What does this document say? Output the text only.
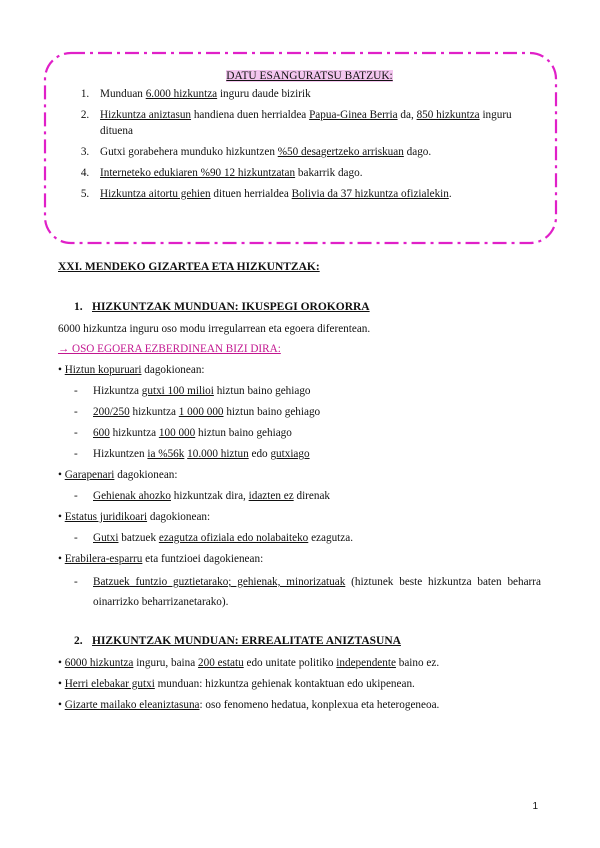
DATU ESANGURATSU BATZUK:
1. Munduan 6.000 hizkuntza inguru daude bizirik
2. Hizkuntza aniztasun handiena duen herrialdea Papua-Ginea Berria da, 850 hizkuntza inguru dituena
3. Gutxi gorabehera munduko hizkuntzen %50 desagertzeko arriskuan dago.
4. Interneteko edukiaren %90 12 hizkuntzatan bakarrik dago.
5. Hizkuntza aitortu gehien dituen herrialdea Bolivia da 37 hizkuntza ofizialekin.
XXI. MENDEKO GIZARTEA ETA HIZKUNTZAK:
1. HIZKUNTZAK MUNDUAN: IKUSPEGI OROKORRA
6000 hizkuntza inguru oso modu irregularrean eta egoera diferentean.
→ OSO EGOERA EZBERDINEAN BIZI DIRA:
• Hiztun kopuruari dagokionean:
- Hizkuntza gutxi 100 milioi hiztun baino gehiago
- 200/250 hizkuntza 1 000 000 hiztun baino gehiago
- 600 hizkuntza 100 000 hiztun baino gehiago
- Hizkuntzen ia %56k 10.000 hiztun edo gutxiago
• Garapenari dagokionean:
- Gehienak ahozko hizkuntzak dira, idazten ez direnak
• Estatus juridikoari dagokionean:
- Gutxi batzuek ezagutza ofiziala edo nolabaiteko ezagutza.
• Erabilera-esparru eta funtzioei dagokienean:
- Batzuek funtzio guztietarako; gehienak, minorizatuak (hiztunek beste hizkuntza baten beharra oinarrizko beharrizanetarako).
2. HIZKUNTZAK MUNDUAN: ERREALITATE ANIZTASUNA
• 6000 hizkuntza inguru, baina 200 estatu edo unitate politiko independente baino ez.
• Herri elebakar gutxi munduan: hizkuntza gehienak kontaktuan edo ukipenean.
• Gizarte mailako eleaniztasuna: oso fenomeno hedatua, konplexua eta heterogeneoa.
1
